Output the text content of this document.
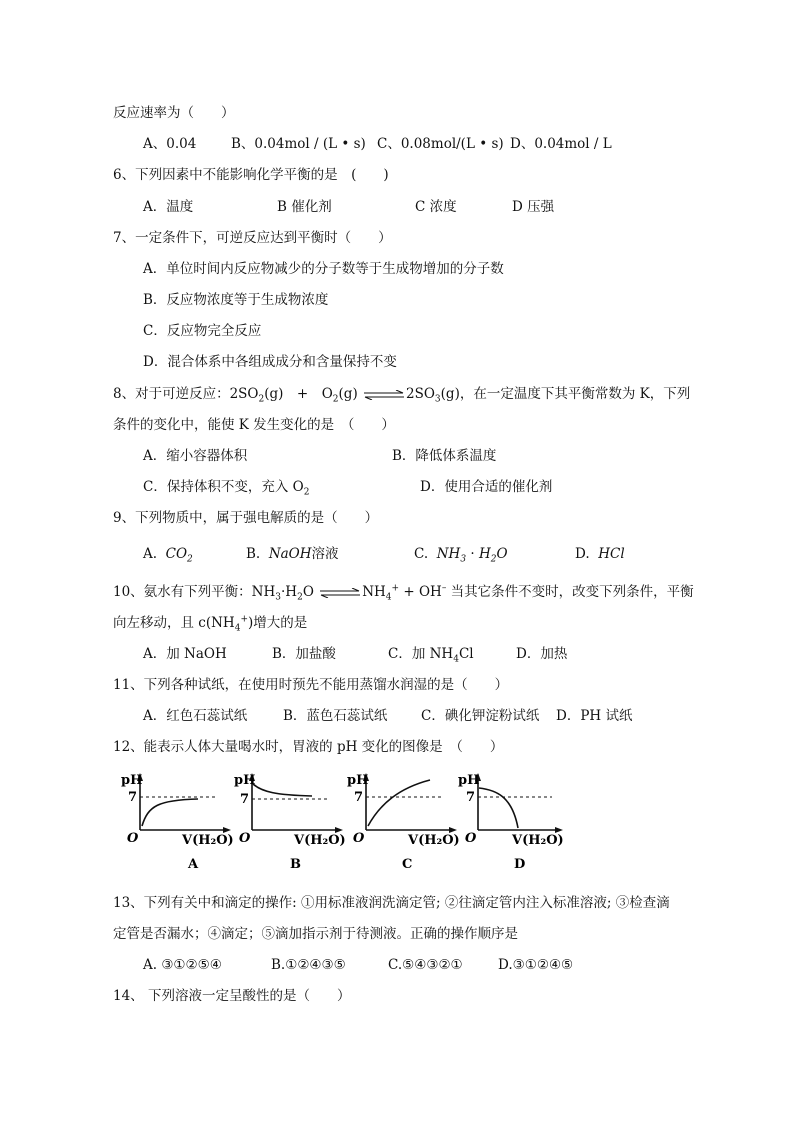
反应速率为（　　）
A、0.04	B、0.04mol / (L • s) C、0.08mol/(L • s) D、0.04mol / L
6、下列因素中不能影响化学平衡的是　(　　)
A．温度	B 催化剂	C 浓度	D 压强
7、一定条件下，可逆反应达到平衡时（　　）
A．单位时间内反应物减少的分子数等于生成物增加的分子数
B．反应物浓度等于生成物浓度
C．反应物完全反应
D．混合体系中各组成成分和含量保持不变
8、对于可逆反应：$2SO_2(g)$　+　$O_2(g)$ $\rightleftharpoons 2SO_3(g)$，在一定温度下其平衡常数为 K，下列
条件的变化中，能使 K 发生变化的是　（　　）
A．缩小容器体积	B．降低体系温度
C．保持体积不变，充入 $O_2$	D．使用合适的催化剂
9、下列物质中，属于强电解质的是（　　）
A. $CO_2$	B. NaOH溶液	C. $NH_3 \cdot H_2O$	D. HCl
10、氨水有下列平衡：$NH_3\cdot H_2O$ $\rightleftharpoons NH_4^+ + OH^-$ 当其它条件不变时，改变下列条件，平衡
向左移动，且 $c(NH_4^+)$增大的是
A．加 NaOH	B．加盐酸	C．加 $NH_4Cl$	D．加热
11、下列各种试纸，在使用时预先不能用蒸馏水润湿的是（　　）
A．红色石蕊试纸	B．蓝色石蕊试纸 C．碘化钾淀粉试纸 D．PH 试纸
12、能表示人体大量喝水时，胃液的 pH 变化的图像是　（　　）
pH
7
O	V(H₂O)
A
pH
7
O	V(H₂O)
B
pH
7
O	V(H₂O)
C
pH
7
O	V(H₂O)
D
13、下列有关中和滴定的操作: ①用标准液润洗滴定管; ②往滴定管内注入标准溶液; ③检查滴
定管是否漏水；④滴定；⑤滴加指示剂于待测液。正确的操作顺序是
A. ③①②⑤④	B.①②④③⑤	C.⑤④③②①	D.③①②④⑤
14、 下列溶液一定呈酸性的是（　　）
